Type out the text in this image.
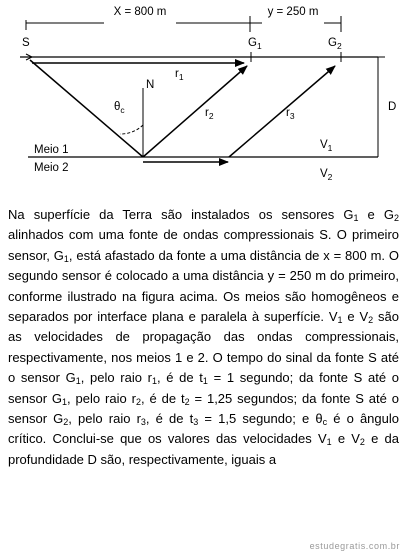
X = 800 m	y = 250 m
S	$G_1$	$G_2$
$r_1$
N
$\theta_c$	$r_2$	$r_3$
D
Meio 1
Meio 2
$V_1$
$V_2$

Na superfície da Terra são instalados os sensores $G_1$ e $G_2$ alinhados com uma fonte de ondas compressionais S. O primeiro sensor, $G_1$, está afastado da fonte a uma distância de x = 800 m. O segundo sensor é colocado a uma distância y = 250 m do primeiro, conforme ilustrado na figura acima. Os meios são homogêneos e separados por interface plana e paralela à superfície. $V_1$ e $V_2$ são as velocidades de propagação das ondas compressionais, respectivamente, nos meios 1 e 2. O tempo do sinal da fonte S até o sensor $G_1$, pelo raio $r_1$, é de $t_1 = 1$ segundo; da fonte S até o sensor $G_1$, pelo raio $r_2$, é de $t_2 = 1,25$ segundos; da fonte S até o sensor $G_2$, pelo raio $r_3$, é de $t_3 = 1,5$ segundo; e $\theta_c$ é o ângulo crítico. Conclui-se que os valores das velocidades $V_1$ e $V_2$ e da profundidade D são, respectivamente, iguais a

estudegratis.com.br
